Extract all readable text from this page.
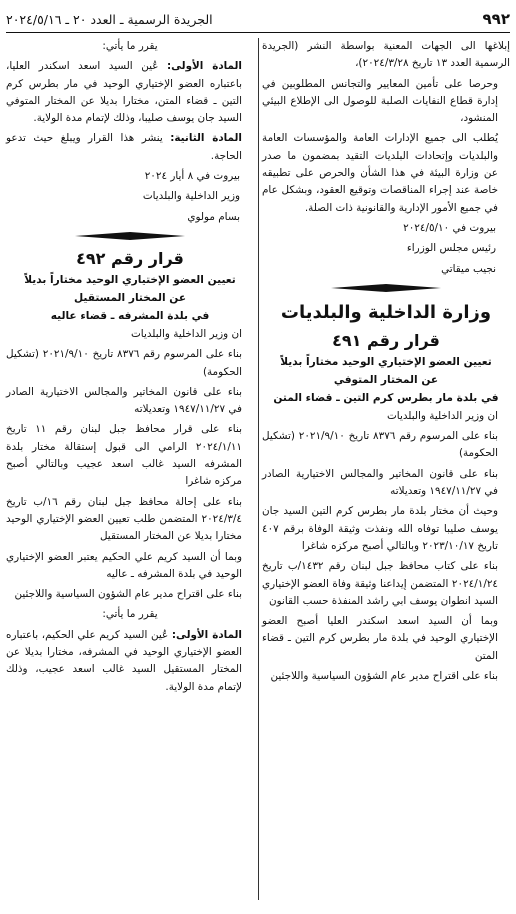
٩٩٢
الجريدة الرسمية ـ العدد ٢٠ ـ ٢٠٢٤/٥/١٦

إبلاغها الى الجهات المعنية بواسطة النشر (الجريدة الرسمية العدد ١٣ تاريخ ٢٠٢٤/٣/٢٨)،

وحرصا على تأمين المعايير والتجانس المطلوبين في إدارة قطاع النفايات الصلبة للوصول الى الإطلاع البيئي المنشود،

يُطلب الى جميع الإدارات العامة والمؤسسات العامة والبلديات وإتحادات البلديات التقيد بمضمون ما صدر عن وزارة البيئة في هذا الشأن والحرص على تطبيقه خاصة عند إجراء المناقصات وتوقيع العقود، وبشكل عام في جميع الأمور الإدارية والقانونية ذات الصلة.

بيروت في ٢٠٢٤/٥/١٠

رئيس مجلس الوزراء

نجيب ميقاتي

وزارة الداخلية والبلديات

قرار رقم ٤٩١

تعيين العضو الإختياري الوحيد مختاراً بديلاً

عن المختار المتوفي

في بلدة مار بطرس كرم التين ـ قضاء المتن

ان وزير الداخلية والبلديات

بناء على المرسوم رقم ٨٣٧٦ تاريخ ٢٠٢١/٩/١٠ (تشكيل الحكومة)

بناء على قانون المخاتير والمجالس الاختيارية الصادر في ١٩٤٧/١١/٢٧ وتعديلاته

وحيث أن مختار بلدة مار بطرس كرم التين السيد جان يوسف صليبا توفاه الله ونفذت وثيقة الوفاة برقم ٤٠٧ تاريخ ٢٠٢٣/١٠/١٧ وبالتالي أصبح مركزه شاغرا

بناء على كتاب محافظ جبل لبنان رقم ١٤٣٢/ب تاريخ ٢٠٢٤/١/٢٤ المتضمن إيداعنا وثيقة وفاة العضو الإختياري السيد انطوان يوسف ابي راشد المنفذة حسب القانون

وبما أن السيد اسعد اسكندر العليا أصبح العضو الإختياري الوحيد في بلدة مار بطرس كرم التين ـ قضاء المتن

بناء على اقتراح مدير عام الشؤون السياسية واللاجئين

يقرر ما يأتي:

المادة الأولى: عُين السيد اسعد اسكندر العليا، باعتباره العضو الإختياري الوحيد في مار بطرس كرم التين ـ قضاء المتن، مختارا بديلا عن المختار المتوفي السيد جان يوسف صليبا، وذلك لإتمام مدة الولاية.

المادة الثانية: ينشر هذا القرار ويبلغ حيث تدعو الحاجة.

بيروت في ٨ أيار ٢٠٢٤

وزير الداخلية والبلديات

بسام مولوي

قرار رقم ٤٩٢

تعيين العضو الإختياري الوحيد مختاراً بديلاً

عن المختار المستقيل

في بلدة المشرفه ـ قضاء عاليه

ان وزير الداخلية والبلديات

بناء على المرسوم رقم ٨٣٧٦ تاريخ ٢٠٢١/٩/١٠ (تشكيل الحكومة)

بناء على قانون المخاتير والمجالس الاختيارية الصادر في ١٩٤٧/١١/٢٧ وتعديلاته

بناء على قرار محافظ جبل لبنان رقم ١١ تاريخ ٢٠٢٤/١/١١ الرامي الى قبول إستقالة مختار بلدة المشرفه السيد غالب اسعد عجيب وبالتالي أصبح مركزه شاغرا

بناء على إحالة محافظ جبل لبنان رقم ١٦/ب تاريخ ٢٠٢٤/٣/٤ المتضمن طلب تعيين العضو الإختياري الوحيد مختارا بديلا عن المختار المستقيل

وبما أن السيد كريم علي الحكيم يعتبر العضو الإختياري الوحيد في بلدة المشرفه ـ عاليه

بناء على اقتراح مدير عام الشؤون السياسية واللاجئين

يقرر ما يأتي:

المادة الأولى: عُين السيد كريم علي الحكيم، باعتباره العضو الإختياري الوحيد في المشرفه، مختارا بديلا عن المختار المستقيل السيد غالب اسعد عجيب، وذلك لإتمام مدة الولاية.
